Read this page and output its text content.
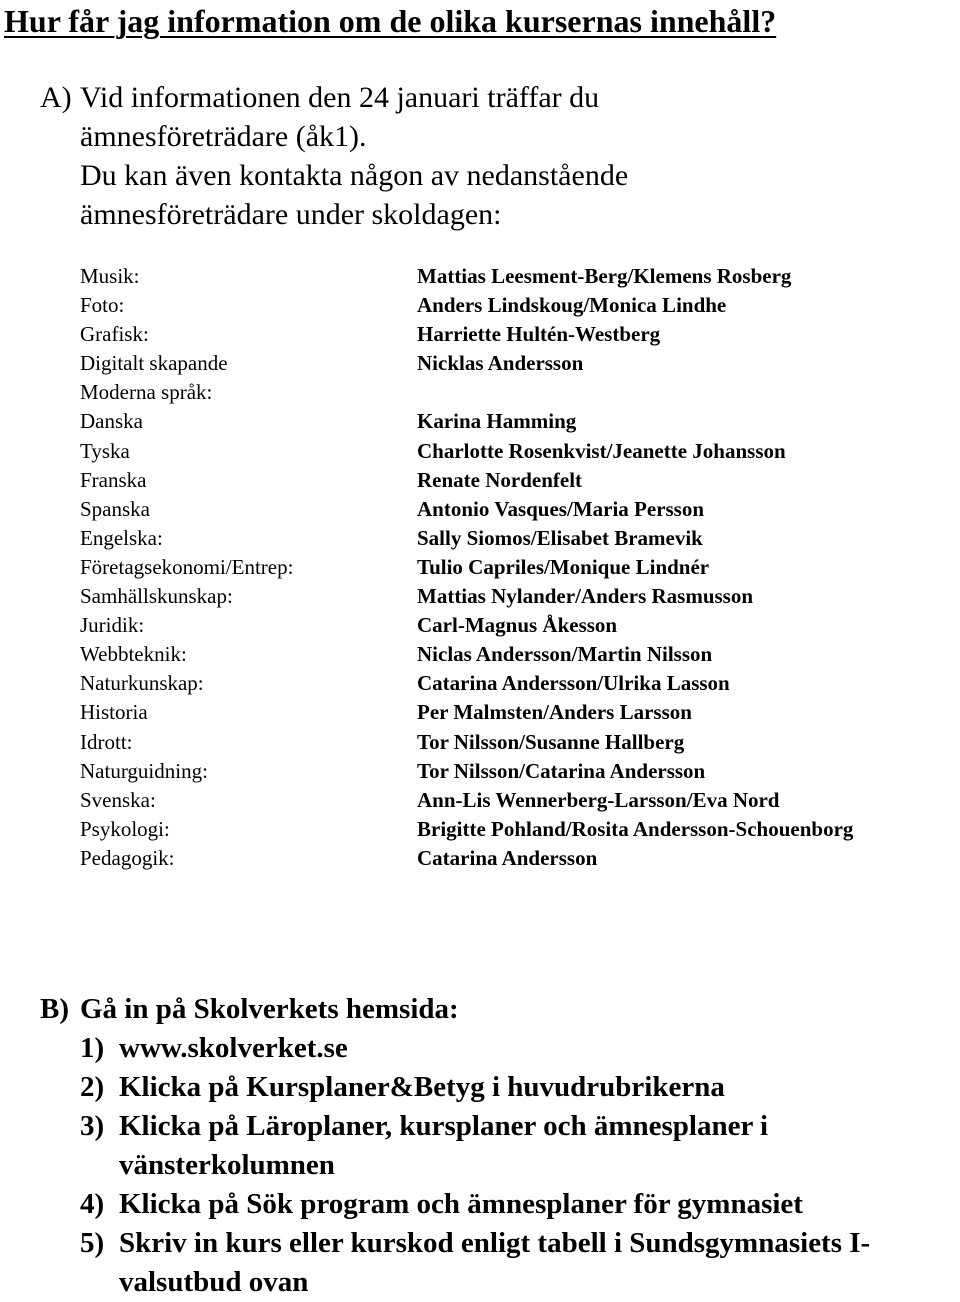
Hur får jag information om de olika kursernas innehåll?
A) Vid informationen den 24 januari träffar du
ämnesföreträdare (åk1).
Du kan även kontakta någon av nedanstående
ämnesföreträdare under skoldagen:
Musik:	Mattias Leesment-Berg/Klemens Rosberg
Foto:	Anders Lindskoug/Monica Lindhe
Grafisk:	Harriette Hultén-Westberg
Digitalt skapande	Nicklas Andersson
Moderna språk:
Danska	Karina Hamming
Tyska	Charlotte Rosenkvist/Jeanette Johansson
Franska	Renate Nordenfelt
Spanska	Antonio Vasques/Maria Persson
Engelska:	Sally Siomos/Elisabet Bramevik
Företagsekonomi/Entrep:	Tulio Capriles/Monique Lindnér
Samhällskunskap:	Mattias Nylander/Anders Rasmusson
Juridik:	Carl-Magnus Åkesson
Webbteknik:	Niclas Andersson/Martin Nilsson
Naturkunskap:	Catarina Andersson/Ulrika Lasson
Historia	Per Malmsten/Anders Larsson
Idrott:	Tor Nilsson/Susanne Hallberg
Naturguidning:	Tor Nilsson/Catarina Andersson
Svenska:	Ann-Lis Wennerberg-Larsson/Eva Nord
Psykologi:	Brigitte Pohland/Rosita Andersson-Schouenborg
Pedagogik:	Catarina Andersson
B) Gå in på Skolverkets hemsida:
1) www.skolverket.se
2) Klicka på Kursplaner&Betyg i huvudrubrikerna
3) Klicka på Läroplaner, kursplaner och ämnesplaner i vänsterkolumnen
4) Klicka på Sök program och ämnesplaner för gymnasiet
5) Skriv in kurs eller kurskod enligt tabell i Sundsgymnasiets I-valsutbud ovan
